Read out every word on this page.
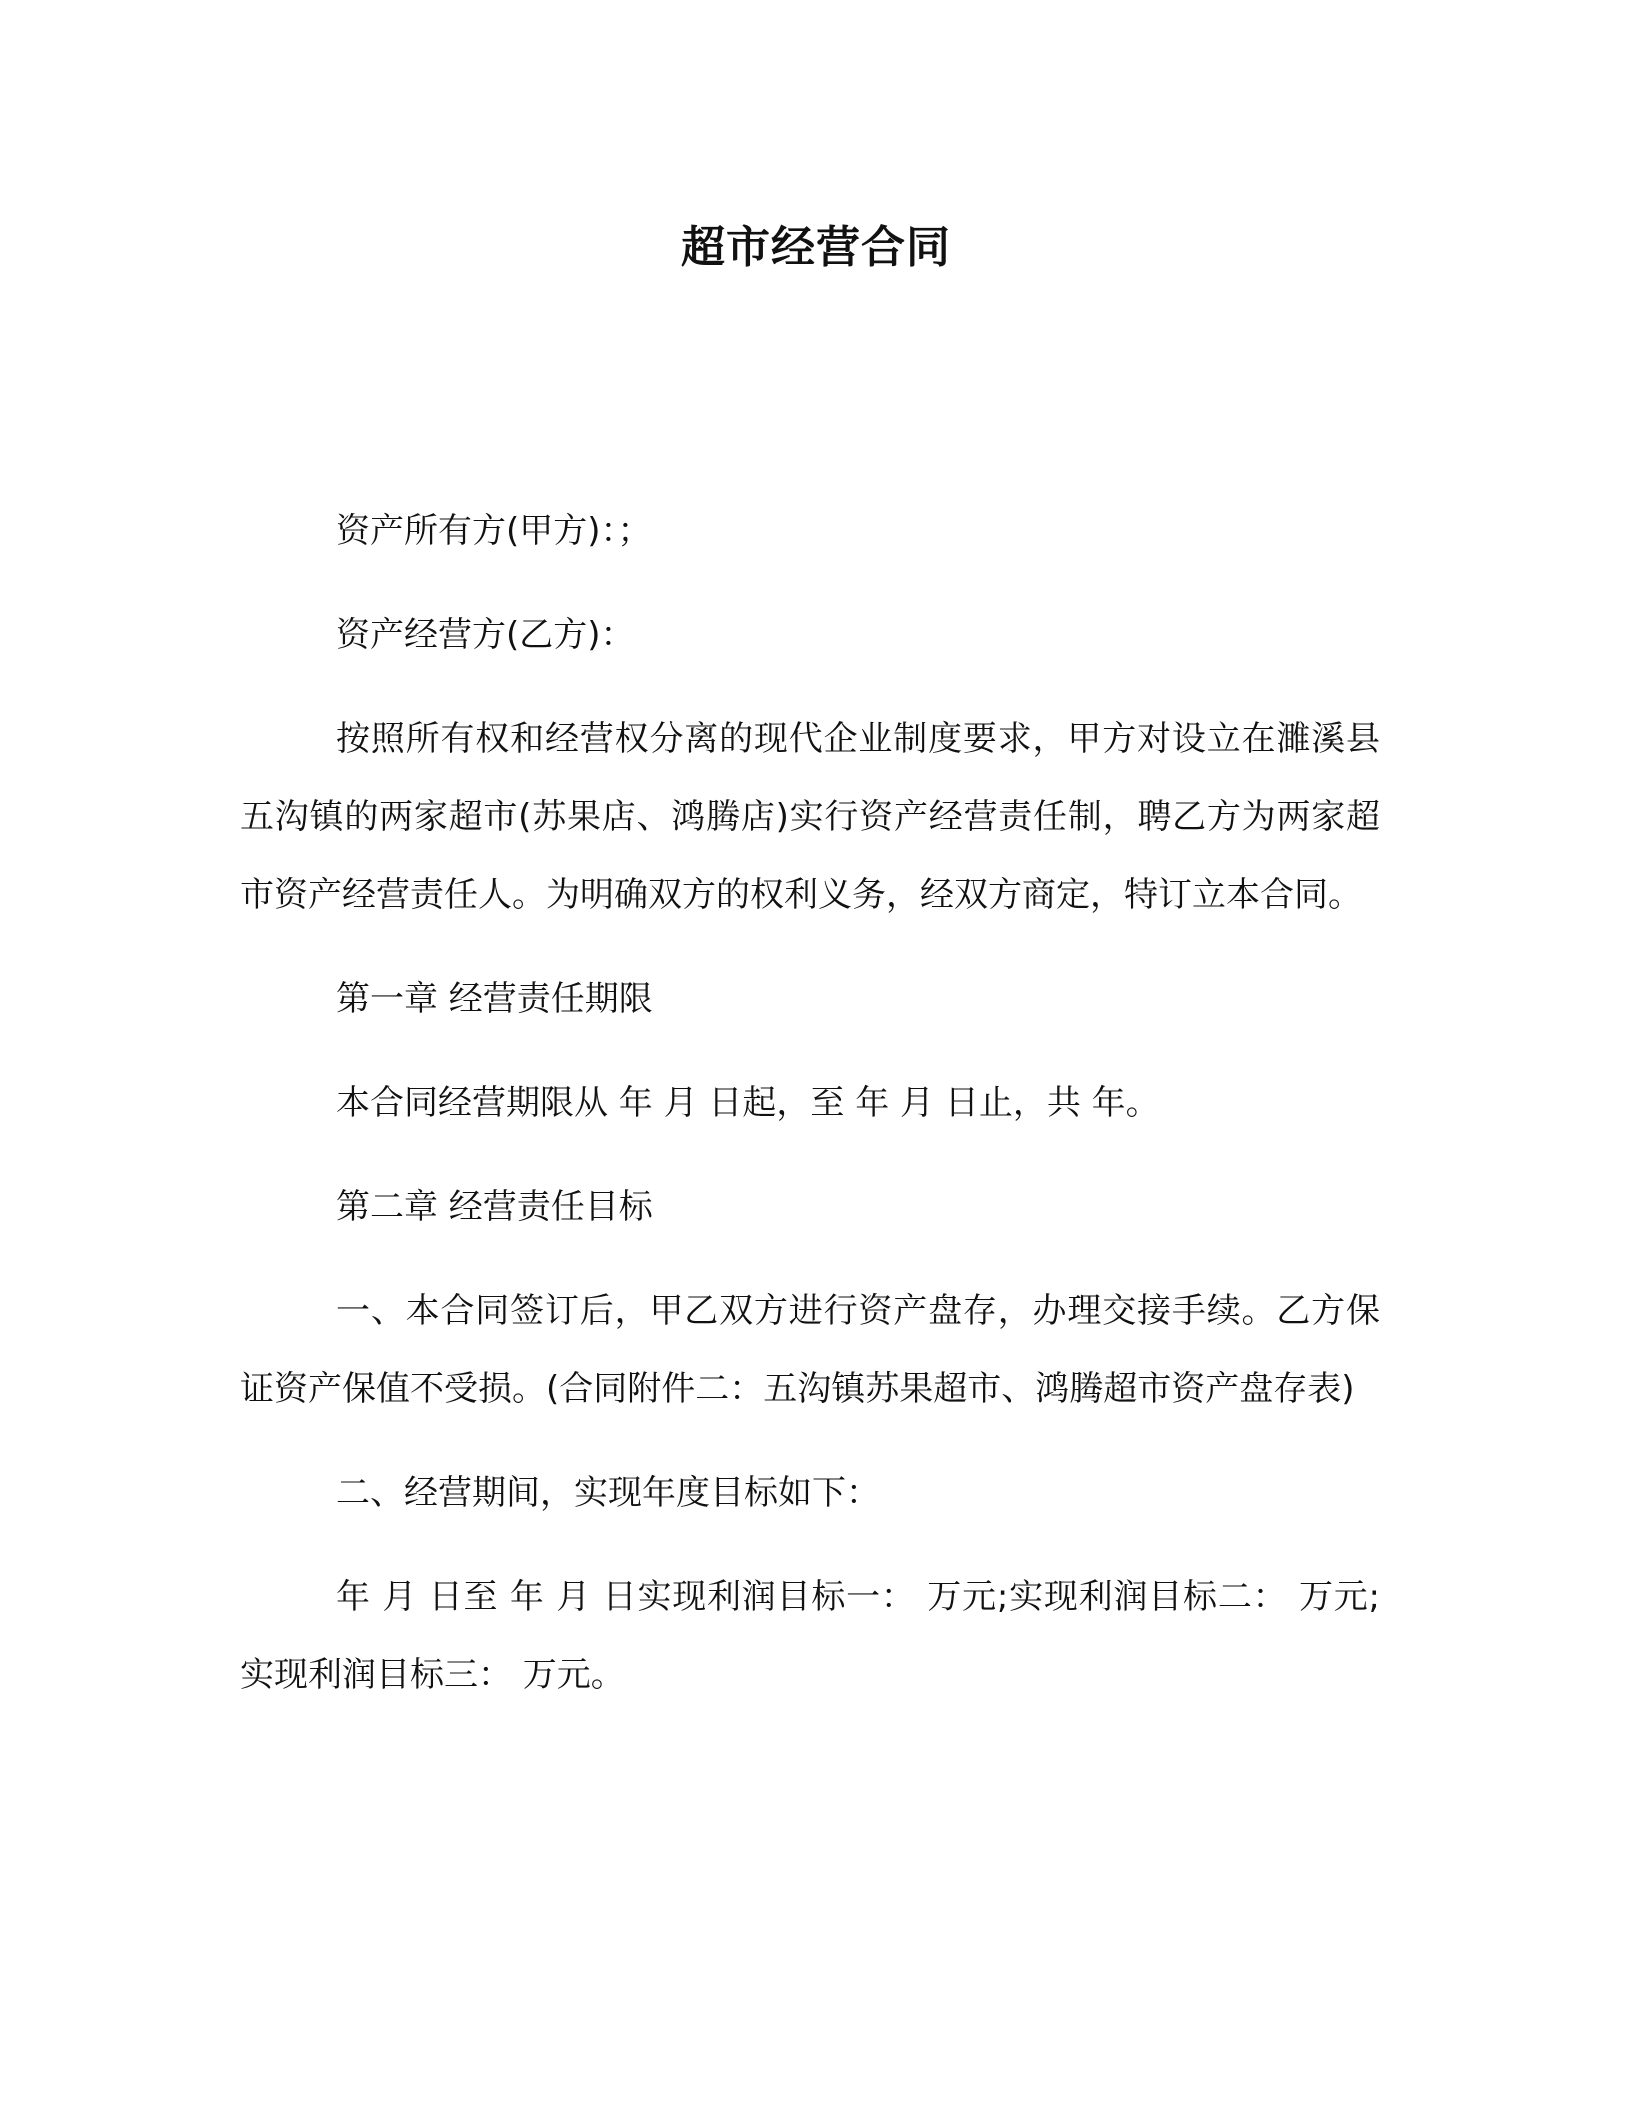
超市经营合同

资产所有方(甲方)：；

资产经营方(乙方)：

按照所有权和经营权分离的现代企业制度要求，甲方对设立在濉溪县五沟镇的两家超市(苏果店、鸿腾店)实行资产经营责任制，聘乙方为两家超市资产经营责任人。为明确双方的权利义务，经双方商定，特订立本合同。

第一章 经营责任期限

本合同经营期限从 年 月 日起，至 年 月 日止，共 年。

第二章 经营责任目标

一、本合同签订后，甲乙双方进行资产盘存，办理交接手续。乙方保证资产保值不受损。(合同附件二：五沟镇苏果超市、鸿腾超市资产盘存表)

二、经营期间，实现年度目标如下：

年 月 日至 年 月 日实现利润目标一： 万元;实现利润目标二： 万元;实现利润目标三： 万元。
